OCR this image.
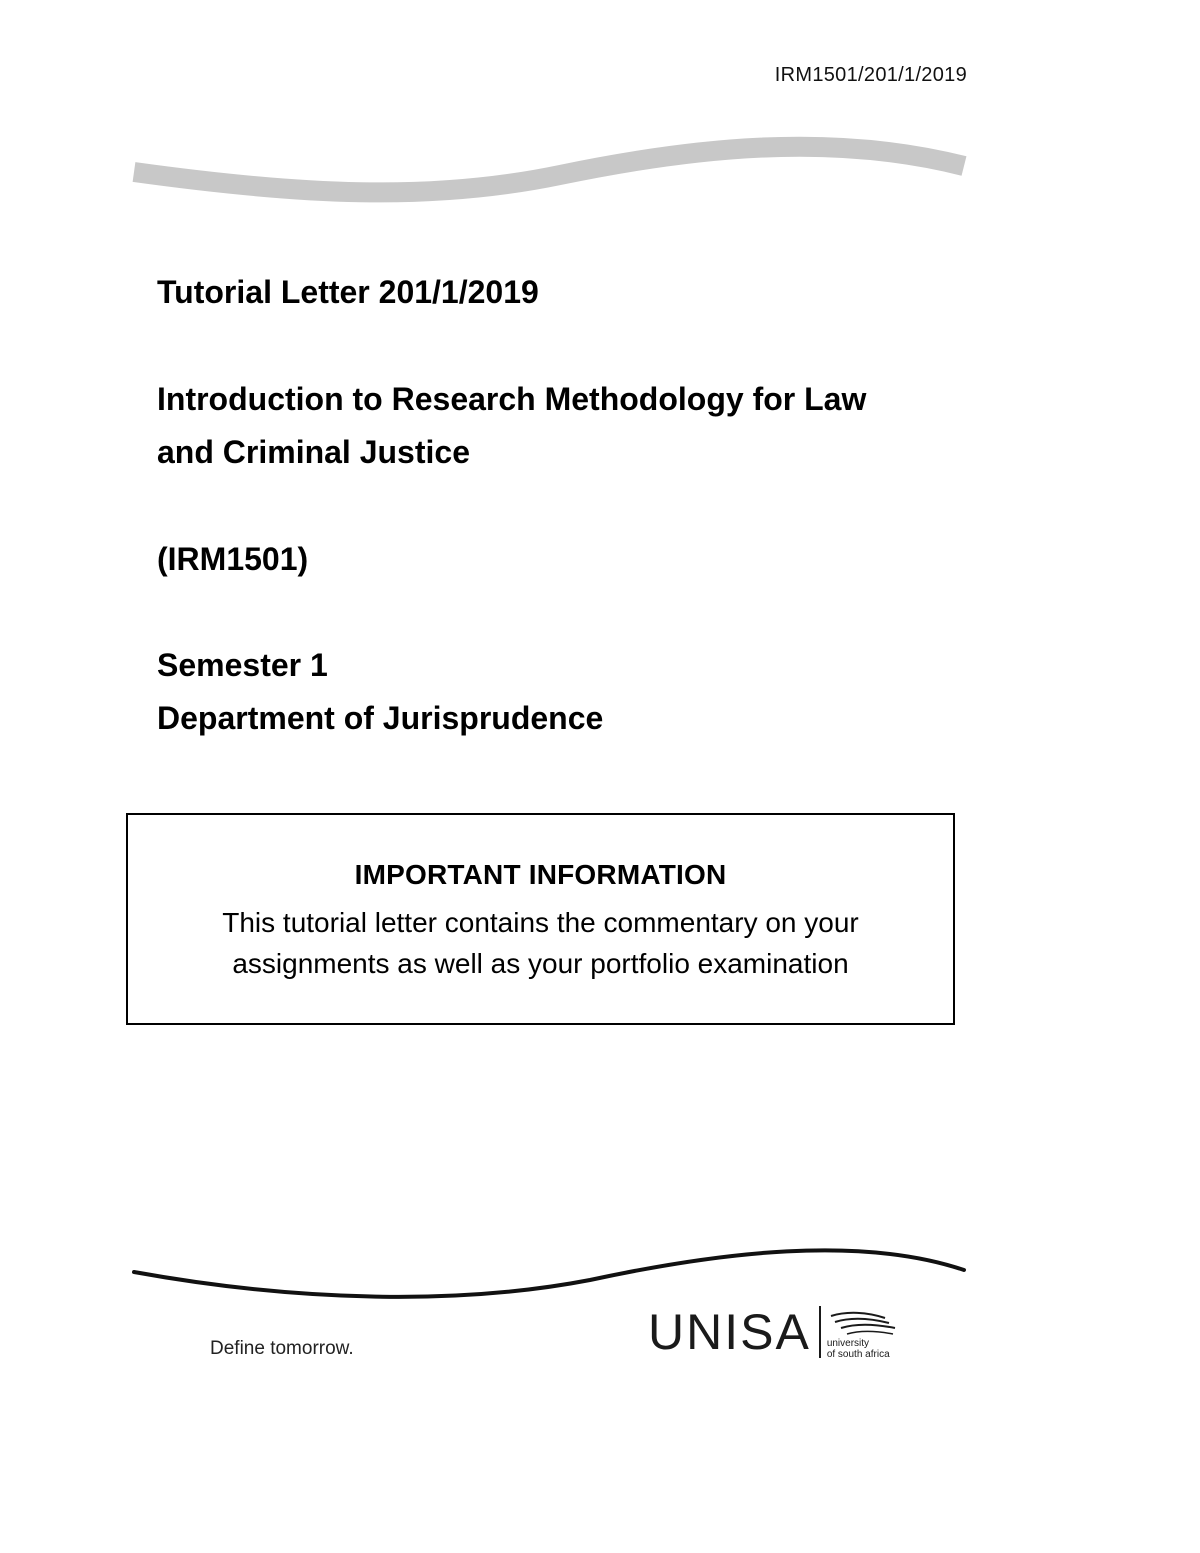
IRM1501/201/1/2019
Tutorial Letter 201/1/2019
Introduction to Research Methodology for Law
and Criminal Justice
(IRM1501)
Semester 1
Department of Jurisprudence
IMPORTANT INFORMATION
This tutorial letter contains the commentary on your
assignments as well as your portfolio examination
Define tomorrow.	UNISA university
of south africa
